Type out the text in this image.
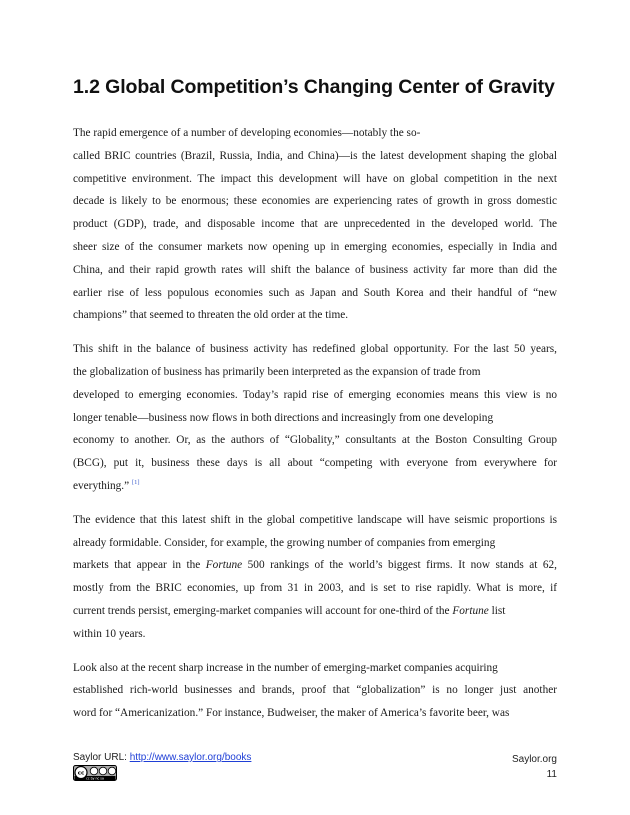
1.2 Global Competition’s Changing Center of Gravity
The rapid emergence of a number of developing economies—notably the so-
called BRIC countries (Brazil, Russia, India, and China)—is the latest development shaping the global
competitive environment. The impact this development will have on global competition in the next
decade is likely to be enormous; these economies are experiencing rates of growth in gross domestic
product (GDP), trade, and disposable income that are unprecedented in the developed world. The
sheer size of the consumer markets now opening up in emerging economies, especially in India and
China, and their rapid growth rates will shift the balance of business activity far more than did the
earlier rise of less populous economies such as Japan and South Korea and their handful of “new
champions” that seemed to threaten the old order at the time.
This shift in the balance of business activity has redefined global opportunity. For the last 50 years,
the globalization of business has primarily been interpreted as the expansion of trade from
developed to emerging economies. Today’s rapid rise of emerging economies means this view is no
longer tenable—business now flows in both directions and increasingly from one developing
economy to another. Or, as the authors of “Globality,” consultants at the Boston Consulting Group
(BCG), put it, business these days is all about “competing with everyone from everywhere for
everything.” [1]
The evidence that this latest shift in the global competitive landscape will have seismic proportions is
already formidable. Consider, for example, the growing number of companies from emerging
markets that appear in the Fortune 500 rankings of the world’s biggest firms. It now stands at 62,
mostly from the BRIC economies, up from 31 in 2003, and is set to rise rapidly. What is more, if
current trends persist, emerging-market companies will account for one-third of the Fortune list
within 10 years.
Look also at the recent sharp increase in the number of emerging-market companies acquiring
established rich-world businesses and brands, proof that “globalization” is no longer just another
word for “Americanization.” For instance, Budweiser, the maker of America’s favorite beer, was
Saylor URL: http://www.saylor.org/books
cc
cc by nc sa
Saylor.org
11
